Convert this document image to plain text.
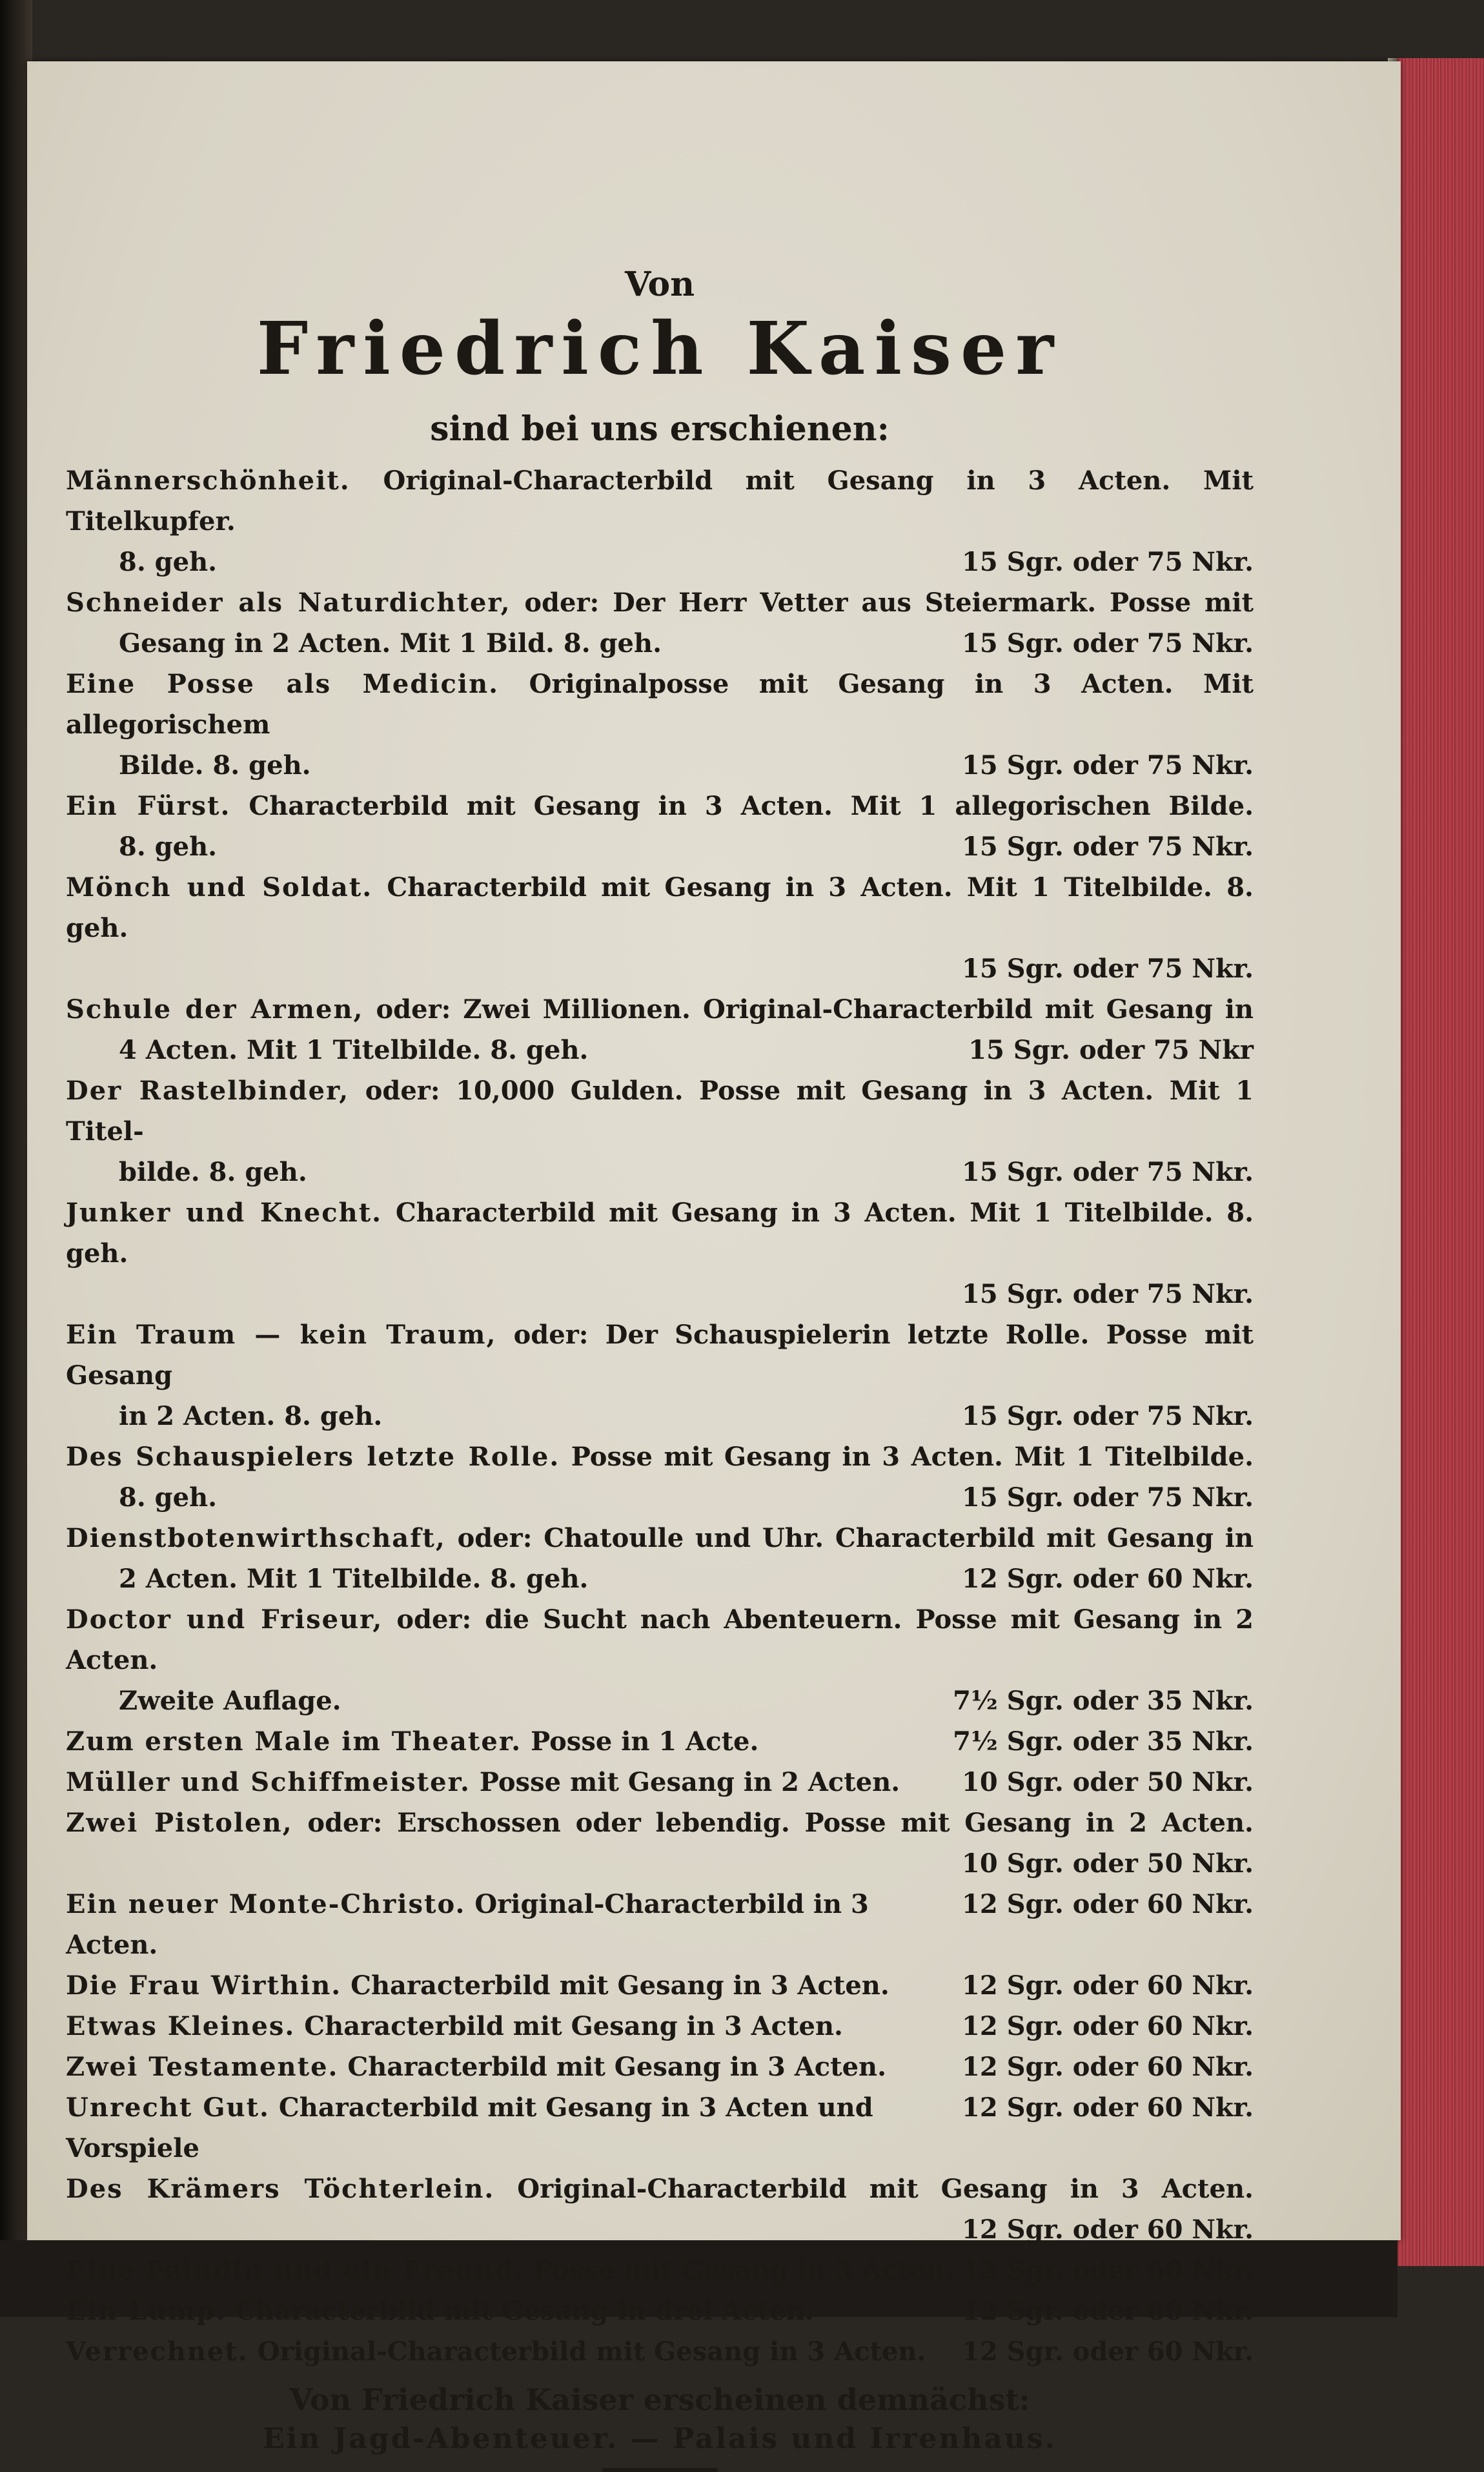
Von

Friedrich Kaiser

sind bei uns erschienen:

Männerschönheit. Original-Characterbild mit Gesang in 3 Acten. Mit Titelkupfer.
8. geh.	15 Sgr. oder 75 Nkr.
Schneider als Naturdichter, oder: Der Herr Vetter aus Steiermark. Posse mit
Gesang in 2 Acten. Mit 1 Bild. 8. geh.	15 Sgr. oder 75 Nkr.
Eine Posse als Medicin. Originalposse mit Gesang in 3 Acten. Mit allegorischem
Bilde. 8. geh.	15 Sgr. oder 75 Nkr.
Ein Fürst. Characterbild mit Gesang in 3 Acten. Mit 1 allegorischen Bilde.
8. geh.	15 Sgr. oder 75 Nkr.
Mönch und Soldat. Characterbild mit Gesang in 3 Acten. Mit 1 Titelbilde. 8. geh.
15 Sgr. oder 75 Nkr.
Schule der Armen, oder: Zwei Millionen. Original-Characterbild mit Gesang in
4 Acten. Mit 1 Titelbilde. 8. geh.	15 Sgr. oder 75 Nkr
Der Rastelbinder, oder: 10,000 Gulden. Posse mit Gesang in 3 Acten. Mit 1 Titel-
bilde. 8. geh.	15 Sgr. oder 75 Nkr.
Junker und Knecht. Characterbild mit Gesang in 3 Acten. Mit 1 Titelbilde. 8. geh.
15 Sgr. oder 75 Nkr.
Ein Traum — kein Traum, oder: Der Schauspielerin letzte Rolle. Posse mit Gesang
in 2 Acten. 8. geh.	15 Sgr. oder 75 Nkr.
Des Schauspielers letzte Rolle. Posse mit Gesang in 3 Acten. Mit 1 Titelbilde.
8. geh.	15 Sgr. oder 75 Nkr.
Dienstbotenwirthschaft, oder: Chatoulle und Uhr. Characterbild mit Gesang in
2 Acten. Mit 1 Titelbilde. 8. geh.	12 Sgr. oder 60 Nkr.
Doctor und Friseur, oder: die Sucht nach Abenteuern. Posse mit Gesang in 2 Acten.
Zweite Auflage.	7½ Sgr. oder 35 Nkr.
Zum ersten Male im Theater. Posse in 1 Acte.	7½ Sgr. oder 35 Nkr.
Müller und Schiffmeister. Posse mit Gesang in 2 Acten. 10 Sgr. oder 50 Nkr.
Zwei Pistolen, oder: Erschossen oder lebendig. Posse mit Gesang in 2 Acten.
10 Sgr. oder 50 Nkr.
Ein neuer Monte-Christo. Original-Characterbild in 3 Acten.
12 Sgr. oder 60 Nkr.
Die Frau Wirthin. Characterbild mit Gesang in 3 Acten.	12 Sgr. oder 60 Nkr.
Etwas Kleines. Characterbild mit Gesang in 3 Acten.	12 Sgr. oder 60 Nkr.
Zwei Testamente. Characterbild mit Gesang in 3 Acten.	12 Sgr. oder 60 Nkr.
Unrecht Gut. Characterbild mit Gesang in 3 Acten und Vorspiele
12 Sgr. oder 60 Nkr.
Des Krämers Töchterlein. Original-Characterbild mit Gesang in 3 Acten.
12 Sgr. oder 60 Nkr.
Eine Feindin und ein Freund. Posse mit Gesang in 3 Acten. 12 Sgr. oder 60 Nkr.
Ein Lump. Characterbild mit Gesang in drei Acten.	12 Sgr. oder 60 Nkr.
Verrechnet. Original-Characterbild mit Gesang in 3 Acten. 12 Sgr. oder 60 Nkr.
Von Friedrich Kaiser erscheinen demnächst:
Ein Jagd-Abenteuer. — Palais und Irrenhaus.
